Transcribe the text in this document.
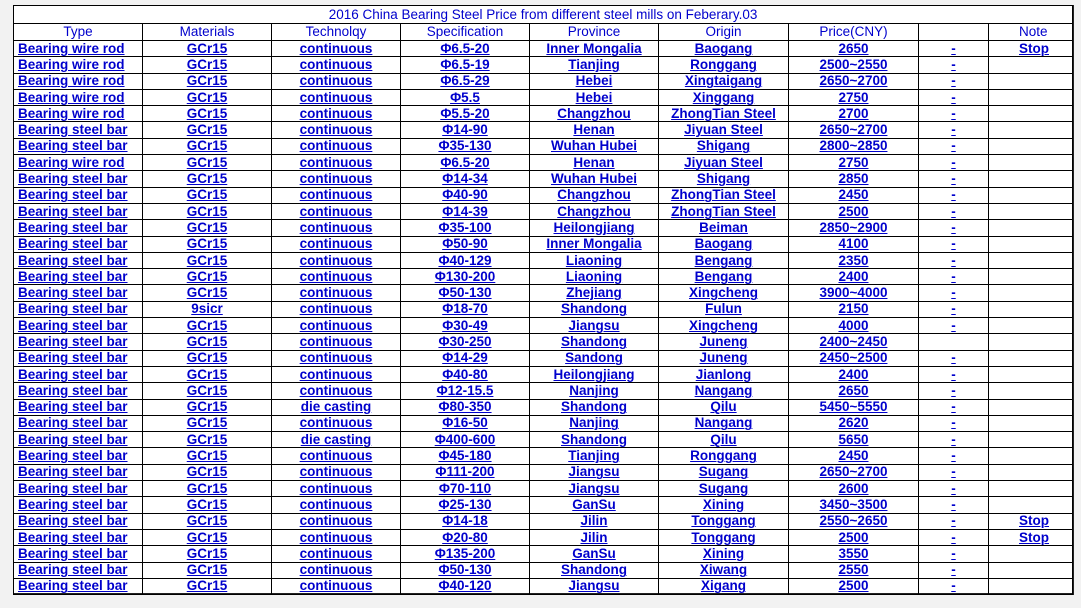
2016 China Bearing Steel Price from different steel mills on Feberary.03								
Type	Materials	Technolqy	Specification	Province	Origin	Price(CNY)		Note
Bearing wire rod	GCr15	continuous	Φ6.5-20	Inner Mongalia	Baogang	2650	-	Stop
Bearing wire rod	GCr15	continuous	Φ6.5-19	Tianjing	Ronggang	2500~2550	-	
Bearing wire rod	GCr15	continuous	Φ6.5-29	Hebei	Xingtaigang	2650~2700	-	
Bearing wire rod	GCr15	continuous	Φ5.5	Hebei	Xinggang	2750	-	
Bearing wire rod	GCr15	continuous	Φ5.5-20	Changzhou	ZhongTian Steel	2700	-	
Bearing steel bar	GCr15	continuous	Φ14-90	Henan	Jiyuan Steel	2650~2700	-	
Bearing steel bar	GCr15	continuous	Φ35-130	Wuhan Hubei	Shigang	2800~2850	-	
Bearing wire rod	GCr15	continuous	Φ6.5-20	Henan	Jiyuan Steel	2750	-	
Bearing steel bar	GCr15	continuous	Φ14-34	Wuhan Hubei	Shigang	2850	-	
Bearing steel bar	GCr15	continuous	Φ40-90	Changzhou	ZhongTian Steel	2450	-	
Bearing steel bar	GCr15	continuous	Φ14-39	Changzhou	ZhongTian Steel	2500	-	
Bearing steel bar	GCr15	continuous	Φ35-100	Heilongjiang	Beiman	2850~2900	-	
Bearing steel bar	GCr15	continuous	Φ50-90	Inner Mongalia	Baogang	4100	-	
Bearing steel bar	GCr15	continuous	Φ40-129	Liaoning	Bengang	2350	-	
Bearing steel bar	GCr15	continuous	Φ130-200	Liaoning	Bengang	2400	-	
Bearing steel bar	GCr15	continuous	Φ50-130	Zhejiang	Xingcheng	3900~4000	-	
Bearing steel bar	9sicr	continuous	Φ18-70	Shandong	Fulun	2150	-	
Bearing steel bar	GCr15	continuous	Φ30-49	Jiangsu	Xingcheng	4000	-	
Bearing steel bar	GCr15	continuous	Φ30-250	Shandong	Juneng	2400~2450		
Bearing steel bar	GCr15	continuous	Φ14-29	Sandong	Juneng	2450~2500	-	
Bearing steel bar	GCr15	continuous	Φ40-80	Heilongjiang	Jianlong	2400	-	
Bearing steel bar	GCr15	continuous	Φ12-15.5	Nanjing	Nangang	2650	-	
Bearing steel bar	GCr15	die casting	Φ80-350	Shandong	Qilu	5450~5550	-	
Bearing steel bar	GCr15	continuous	Φ16-50	Nanjing	Nangang	2620	-	
Bearing steel bar	GCr15	die casting	Φ400-600	Shandong	Qilu	5650	-	
Bearing steel bar	GCr15	continuous	Φ45-180	Tianjing	Ronggang	2450	-	
Bearing steel bar	GCr15	continuous	Φ111-200	Jiangsu	Sugang	2650~2700	-	
Bearing steel bar	GCr15	continuous	Φ70-110	Jiangsu	Sugang	2600	-	
Bearing steel bar	GCr15	continuous	Φ25-130	GanSu	Xining	3450~3500	-	
Bearing steel bar	GCr15	continuous	Φ14-18	Jilin	Tonggang	2550~2650	-	Stop
Bearing steel bar	GCr15	continuous	Φ20-80	Jilin	Tonggang	2500	-	Stop
Bearing steel bar	GCr15	continuous	Φ135-200	GanSu	Xining	3550	-	
Bearing steel bar	GCr15	continuous	Φ50-130	Shandong	Xiwang	2550	-	
Bearing steel bar	GCr15	continuous	Φ40-120	Jiangsu	Xigang	2500	-	
